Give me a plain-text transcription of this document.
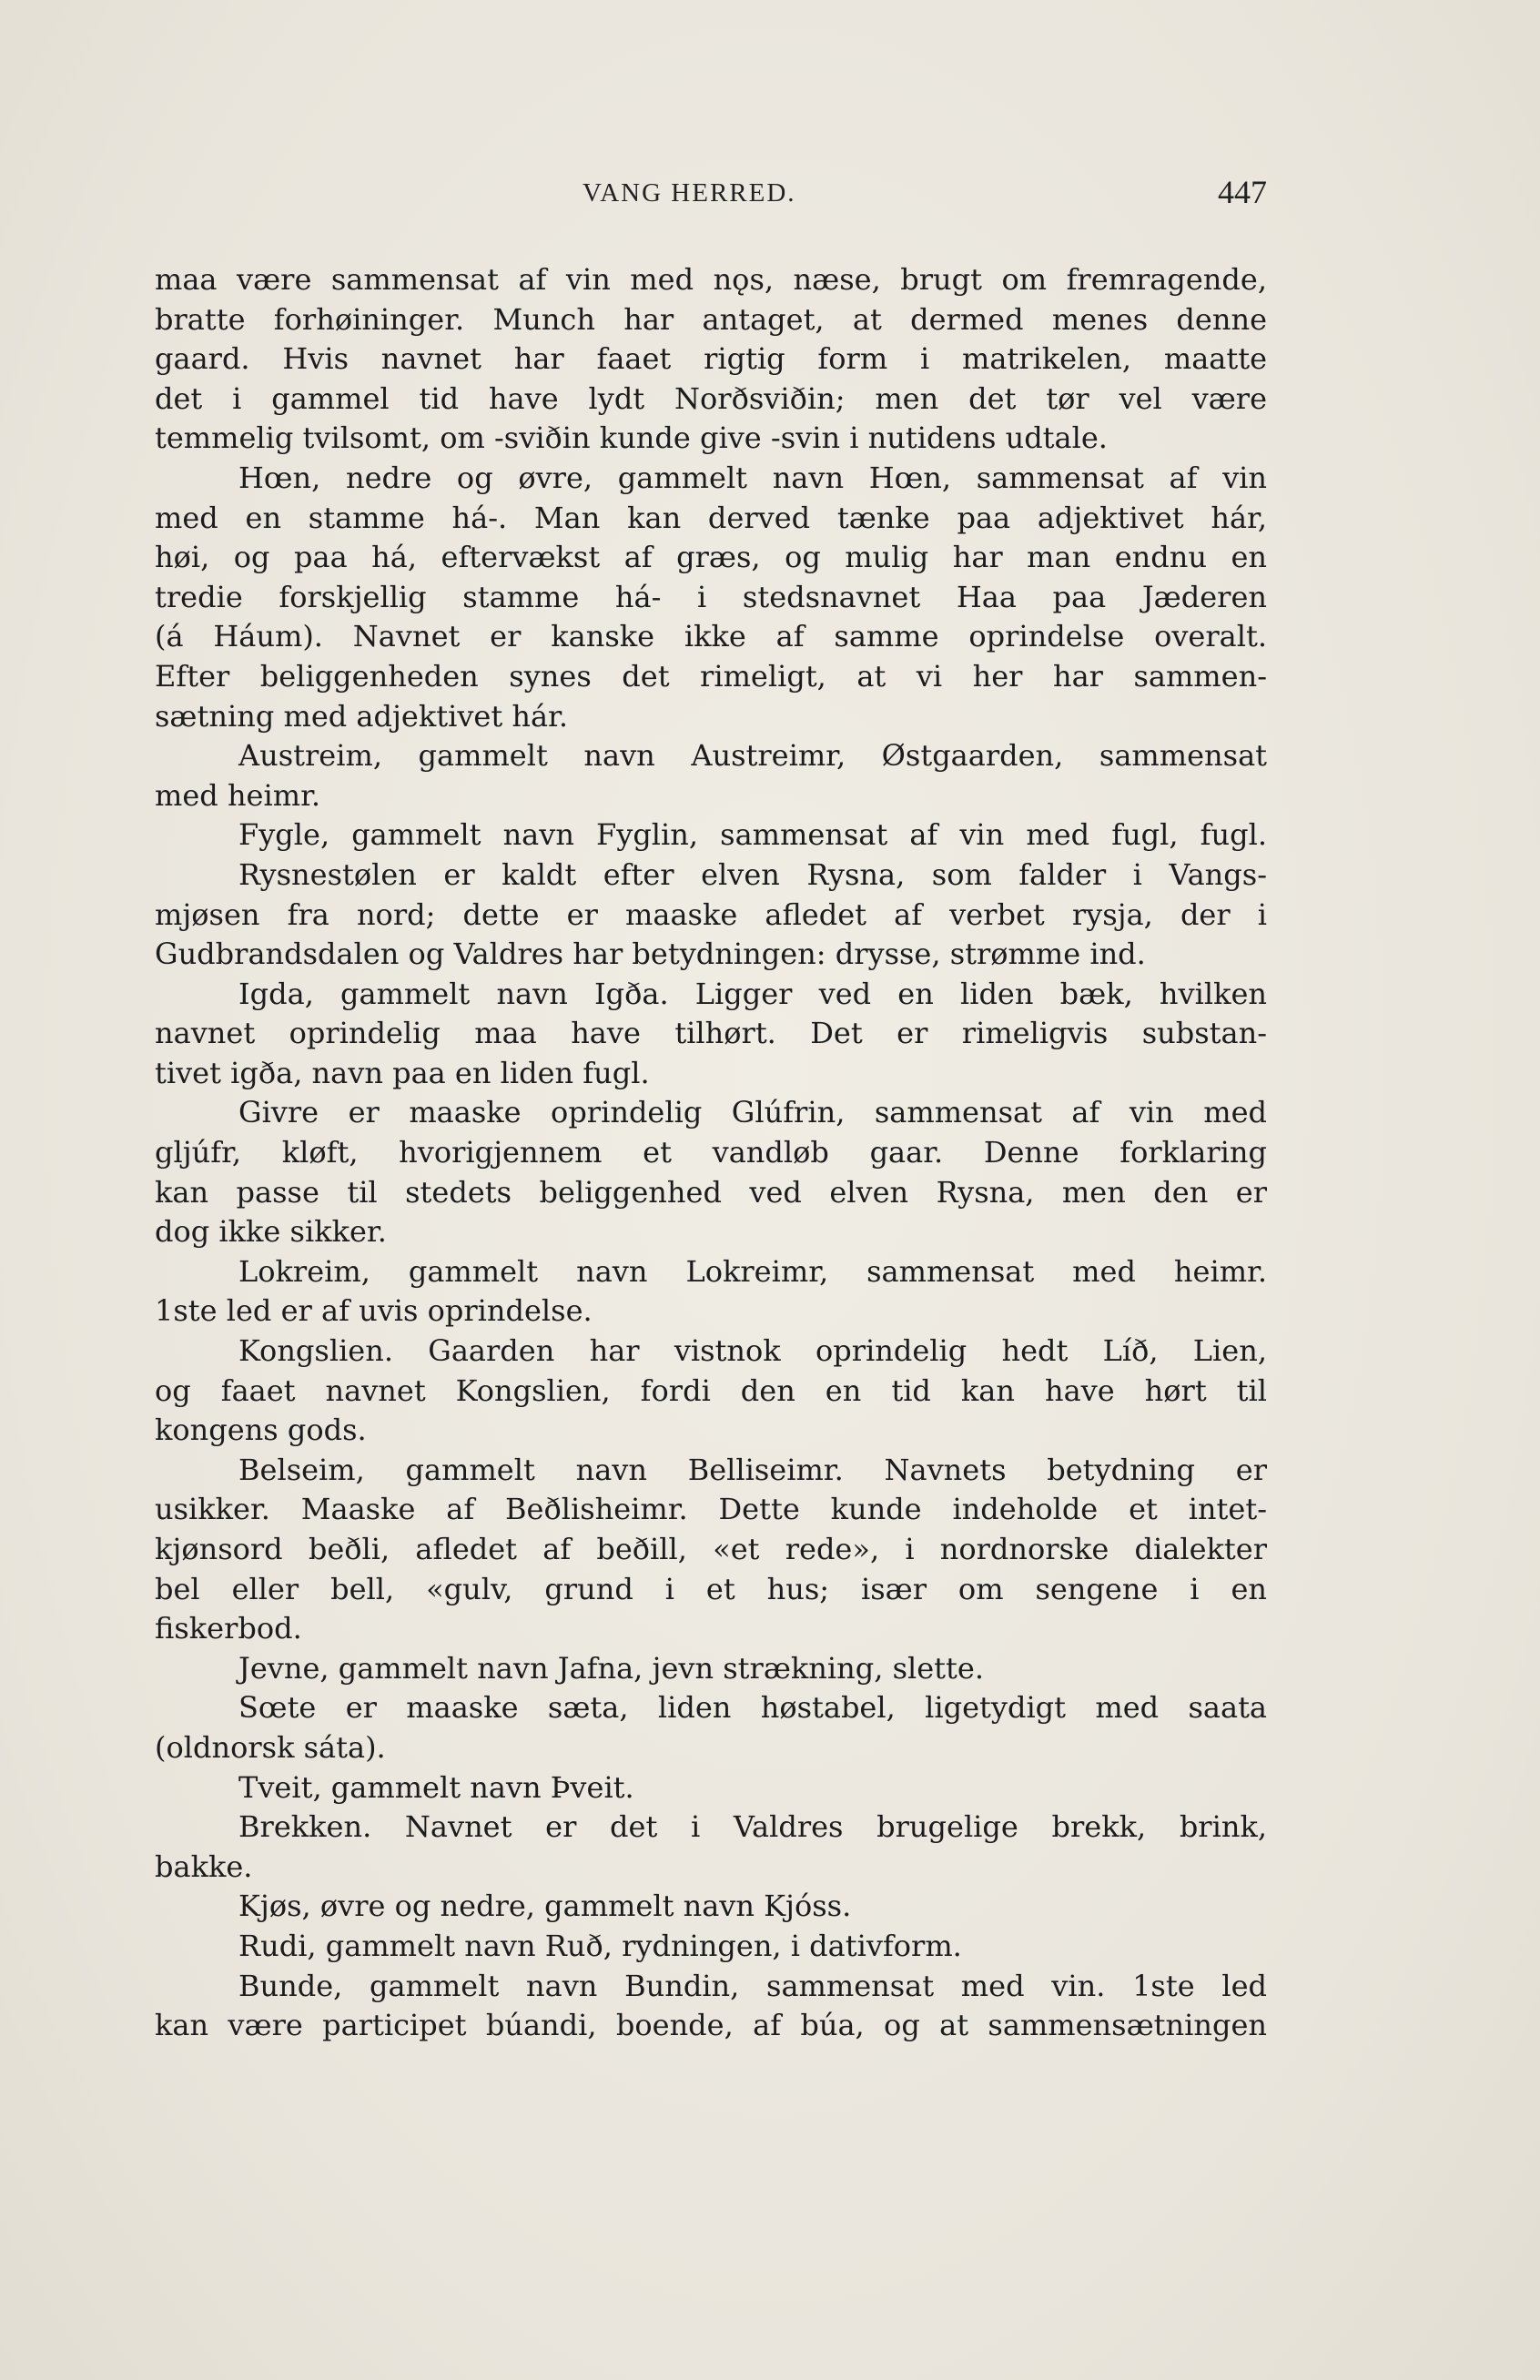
VANG HERRED.	447
maa være sammensat af vin med nǫs, næse, brugt om fremragende,
bratte forhøininger. Munch har antaget, at dermed menes denne
gaard. Hvis navnet har faaet rigtig form i matrikelen, maatte
det i gammel tid have lydt Norðsviðin; men det tør vel være
temmelig tvilsomt, om -sviðin kunde give -svin i nutidens udtale.
Hœn, nedre og øvre, gammelt navn Hœn, sammensat af vin
med en stamme há-. Man kan derved tænke paa adjektivet hár,
høi, og paa há, eftervækst af græs, og mulig har man endnu en
tredie forskjellig stamme há- i stedsnavnet Haa paa Jæderen
(á Háum). Navnet er kanske ikke af samme oprindelse overalt.
Efter beliggenheden synes det rimeligt, at vi her har sammen-
sætning med adjektivet hár.
Austreim, gammelt navn Austreimr, Østgaarden, sammensat
med heimr.
Fygle, gammelt navn Fyglin, sammensat af vin med fugl, fugl.
Rysnestølen er kaldt efter elven Rysna, som falder i Vangs-
mjøsen fra nord; dette er maaske afledet af verbet rysja, der i
Gudbrandsdalen og Valdres har betydningen: drysse, strømme ind.
Igda, gammelt navn Igða. Ligger ved en liden bæk, hvilken
navnet oprindelig maa have tilhørt. Det er rimeligvis substan-
tivet igða, navn paa en liden fugl.
Givre er maaske oprindelig Glúfrin, sammensat af vin med
gljúfr, kløft, hvorigjennem et vandløb gaar. Denne forklaring
kan passe til stedets beliggenhed ved elven Rysna, men den er
dog ikke sikker.
Lokreim, gammelt navn Lokreimr, sammensat med heimr.
1ste led er af uvis oprindelse.
Kongslien. Gaarden har vistnok oprindelig hedt Líð, Lien,
og faaet navnet Kongslien, fordi den en tid kan have hørt til
kongens gods.
Belseim, gammelt navn Belliseimr. Navnets betydning er
usikker. Maaske af Beðlisheimr. Dette kunde indeholde et intet-
kjønsord beðli, afledet af beðill, «et rede», i nordnorske dialekter
bel eller bell, «gulv, grund i et hus; især om sengene i en
fiskerbod.
Jevne, gammelt navn Jafna, jevn strækning, slette.
Sœte er maaske sæta, liden høstabel, ligetydigt med saata
(oldnorsk sáta).
Tveit, gammelt navn Þveit.
Brekken. Navnet er det i Valdres brugelige brekk, brink,
bakke.
Kjøs, øvre og nedre, gammelt navn Kjóss.
Rudi, gammelt navn Ruð, rydningen, i dativform.
Bunde, gammelt navn Bundin, sammensat med vin. 1ste led
kan være participet búandi, boende, af búa, og at sammensætningen
